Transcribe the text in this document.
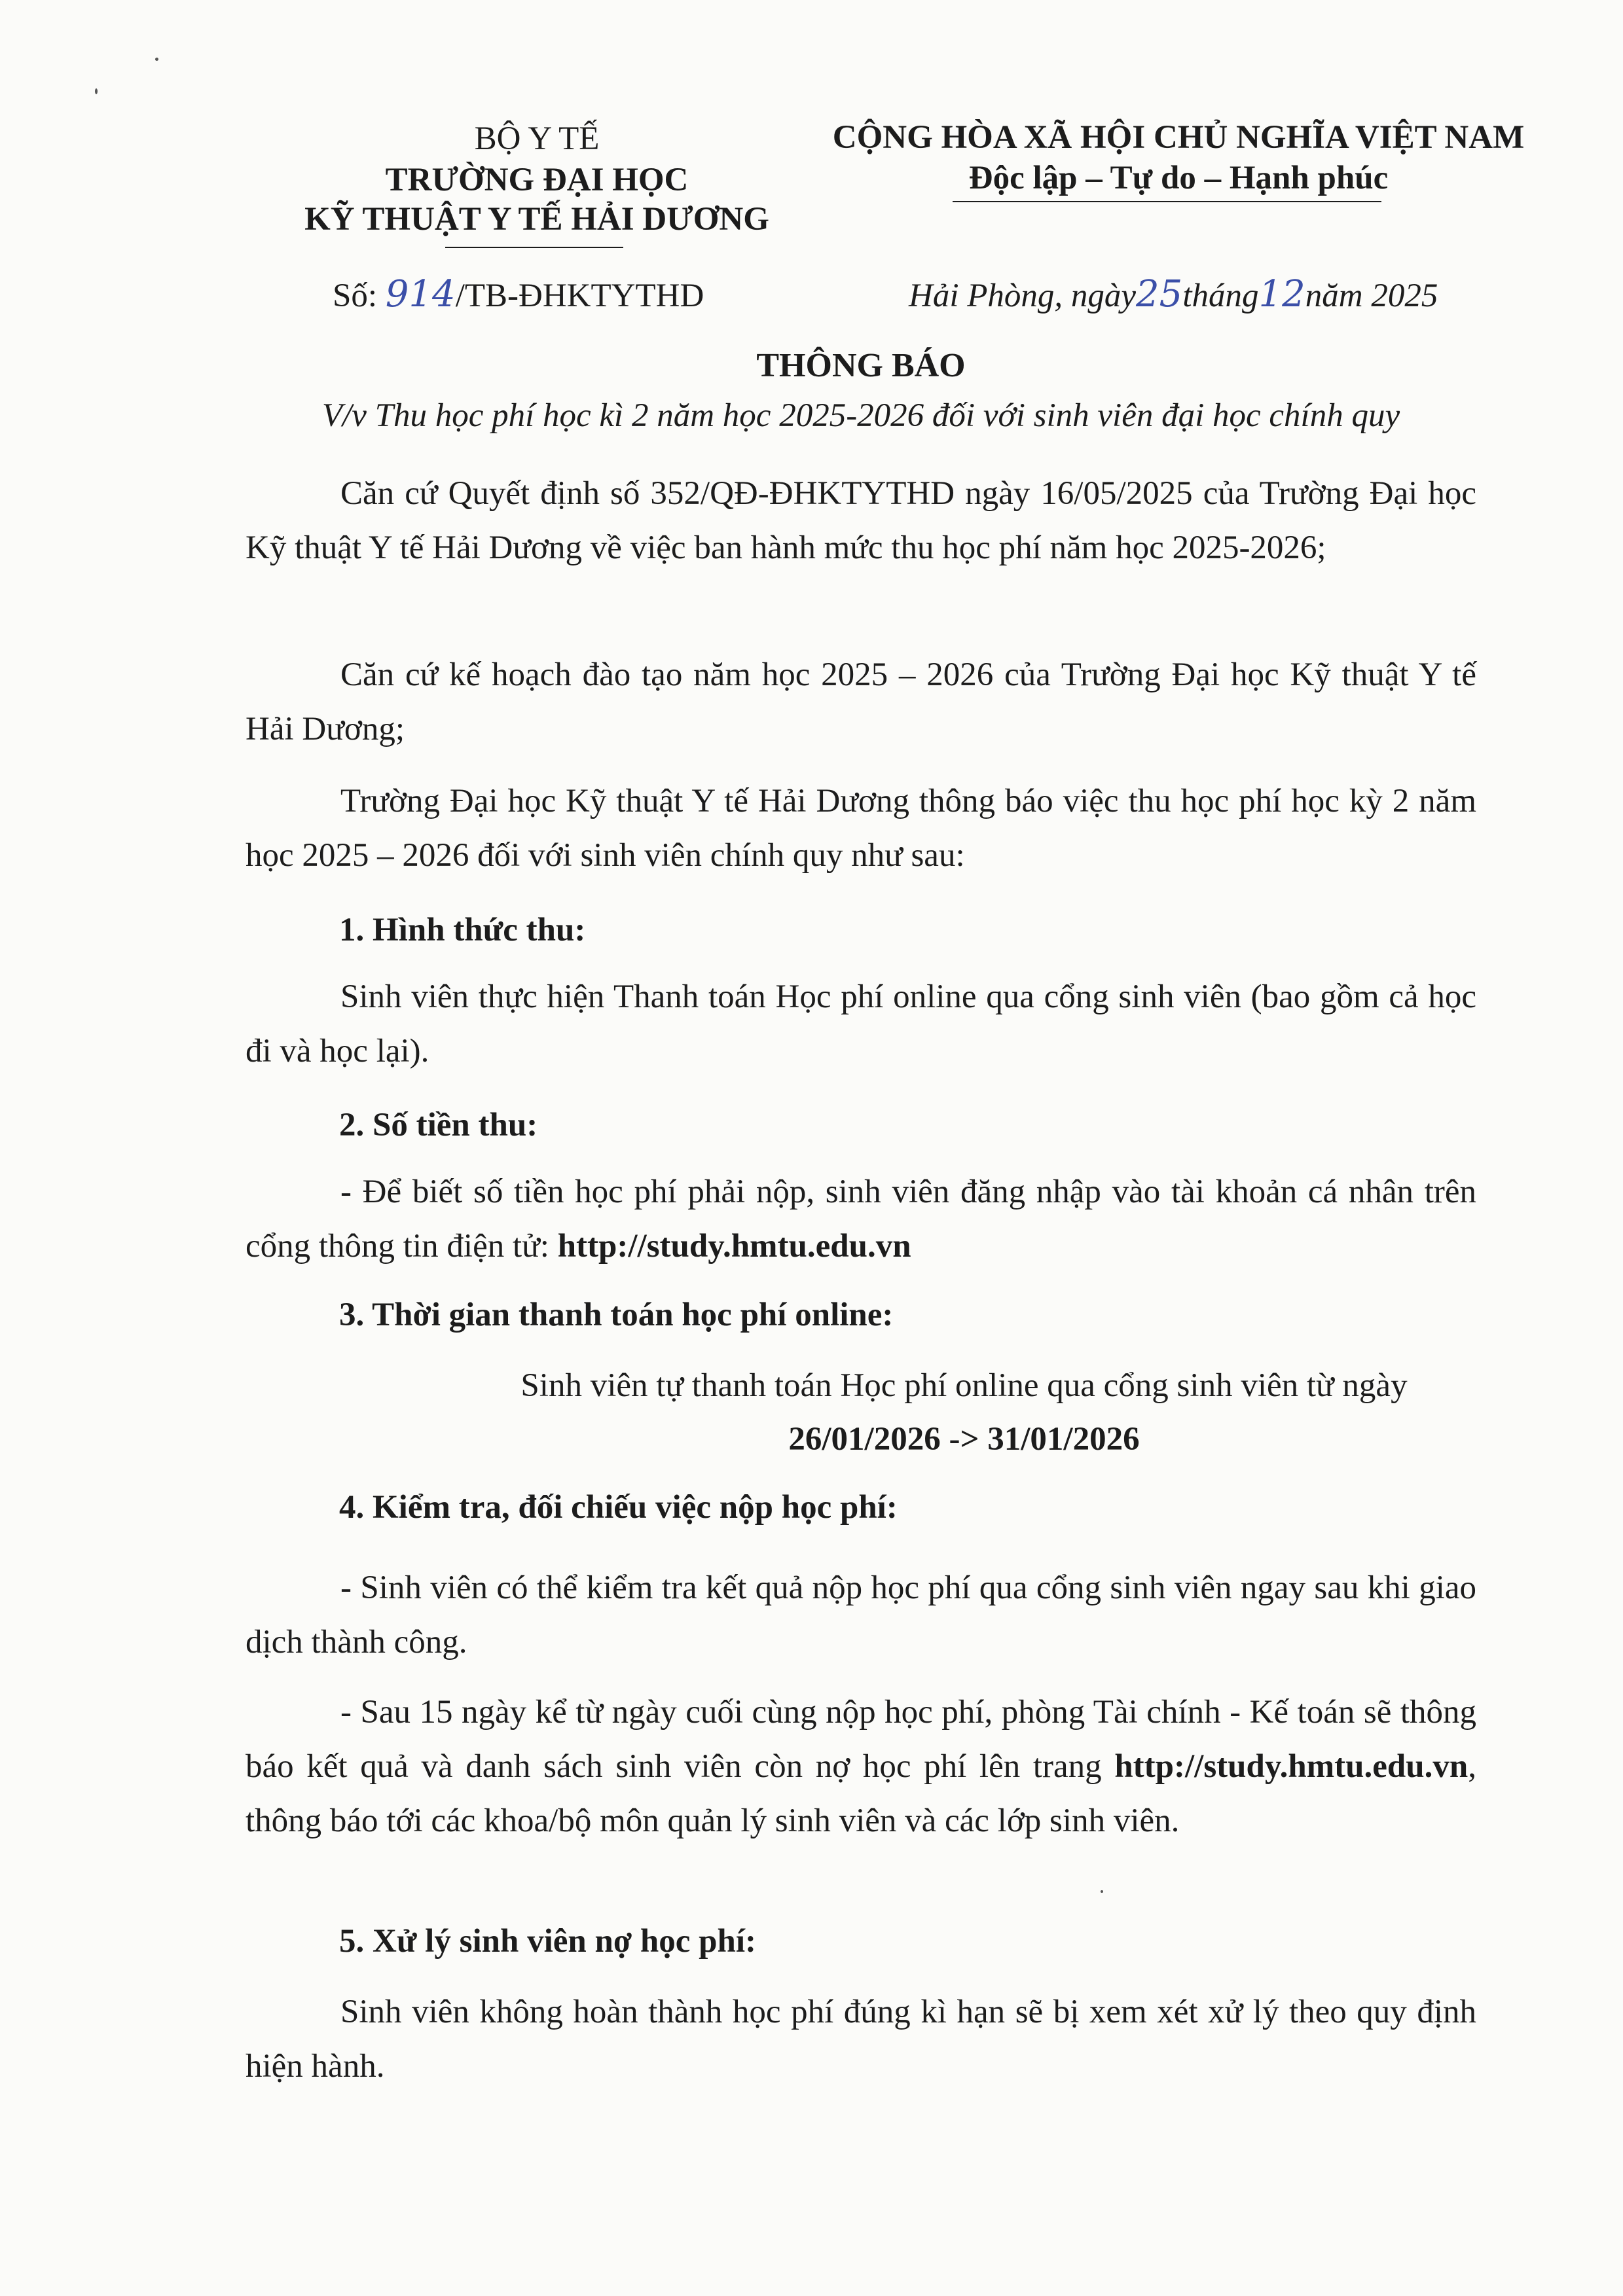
BỘ Y TẾ
TRƯỜNG ĐẠI HỌC
KỸ THUẬT Y TẾ HẢI DƯƠNG
CỘNG HÒA XÃ HỘI CHỦ NGHĨA VIỆT NAM
Độc lập – Tự do – Hạnh phúc
Số: 914/TB-ĐHKTYTHD	Hải Phòng, ngày25tháng12năm 2025
THÔNG BÁO
V/v Thu học phí học kì 2 năm học 2025-2026 đối với sinh viên đại học chính quy
Căn cứ Quyết định số 352/QĐ-ĐHKTYTHD ngày 16/05/2025 của Trường Đại học Kỹ thuật Y tế Hải Dương về việc ban hành mức thu học phí năm học 2025-2026;
Căn cứ kế hoạch đào tạo năm học 2025 – 2026 của Trường Đại học Kỹ thuật Y tế Hải Dương;
Trường Đại học Kỹ thuật Y tế Hải Dương thông báo việc thu học phí học kỳ 2 năm học 2025 – 2026 đối với sinh viên chính quy như sau:
1. Hình thức thu:
Sinh viên thực hiện Thanh toán Học phí online qua cổng sinh viên (bao gồm cả học đi và học lại).
2. Số tiền thu:
- Để biết số tiền học phí phải nộp, sinh viên đăng nhập vào tài khoản cá nhân trên cổng thông tin điện tử: http://study.hmtu.edu.vn
3. Thời gian thanh toán học phí online:
Sinh viên tự thanh toán Học phí online qua cổng sinh viên từ ngày
26/01/2026 -> 31/01/2026
4. Kiểm tra, đối chiếu việc nộp học phí:
- Sinh viên có thể kiểm tra kết quả nộp học phí qua cổng sinh viên ngay sau khi giao dịch thành công.
- Sau 15 ngày kể từ ngày cuối cùng nộp học phí, phòng Tài chính - Kế toán sẽ thông báo kết quả và danh sách sinh viên còn nợ học phí lên trang http://study.hmtu.edu.vn, thông báo tới các khoa/bộ môn quản lý sinh viên và các lớp sinh viên.
5. Xử lý sinh viên nợ học phí:
Sinh viên không hoàn thành học phí đúng kì hạn sẽ bị xem xét xử lý theo quy định hiện hành.
